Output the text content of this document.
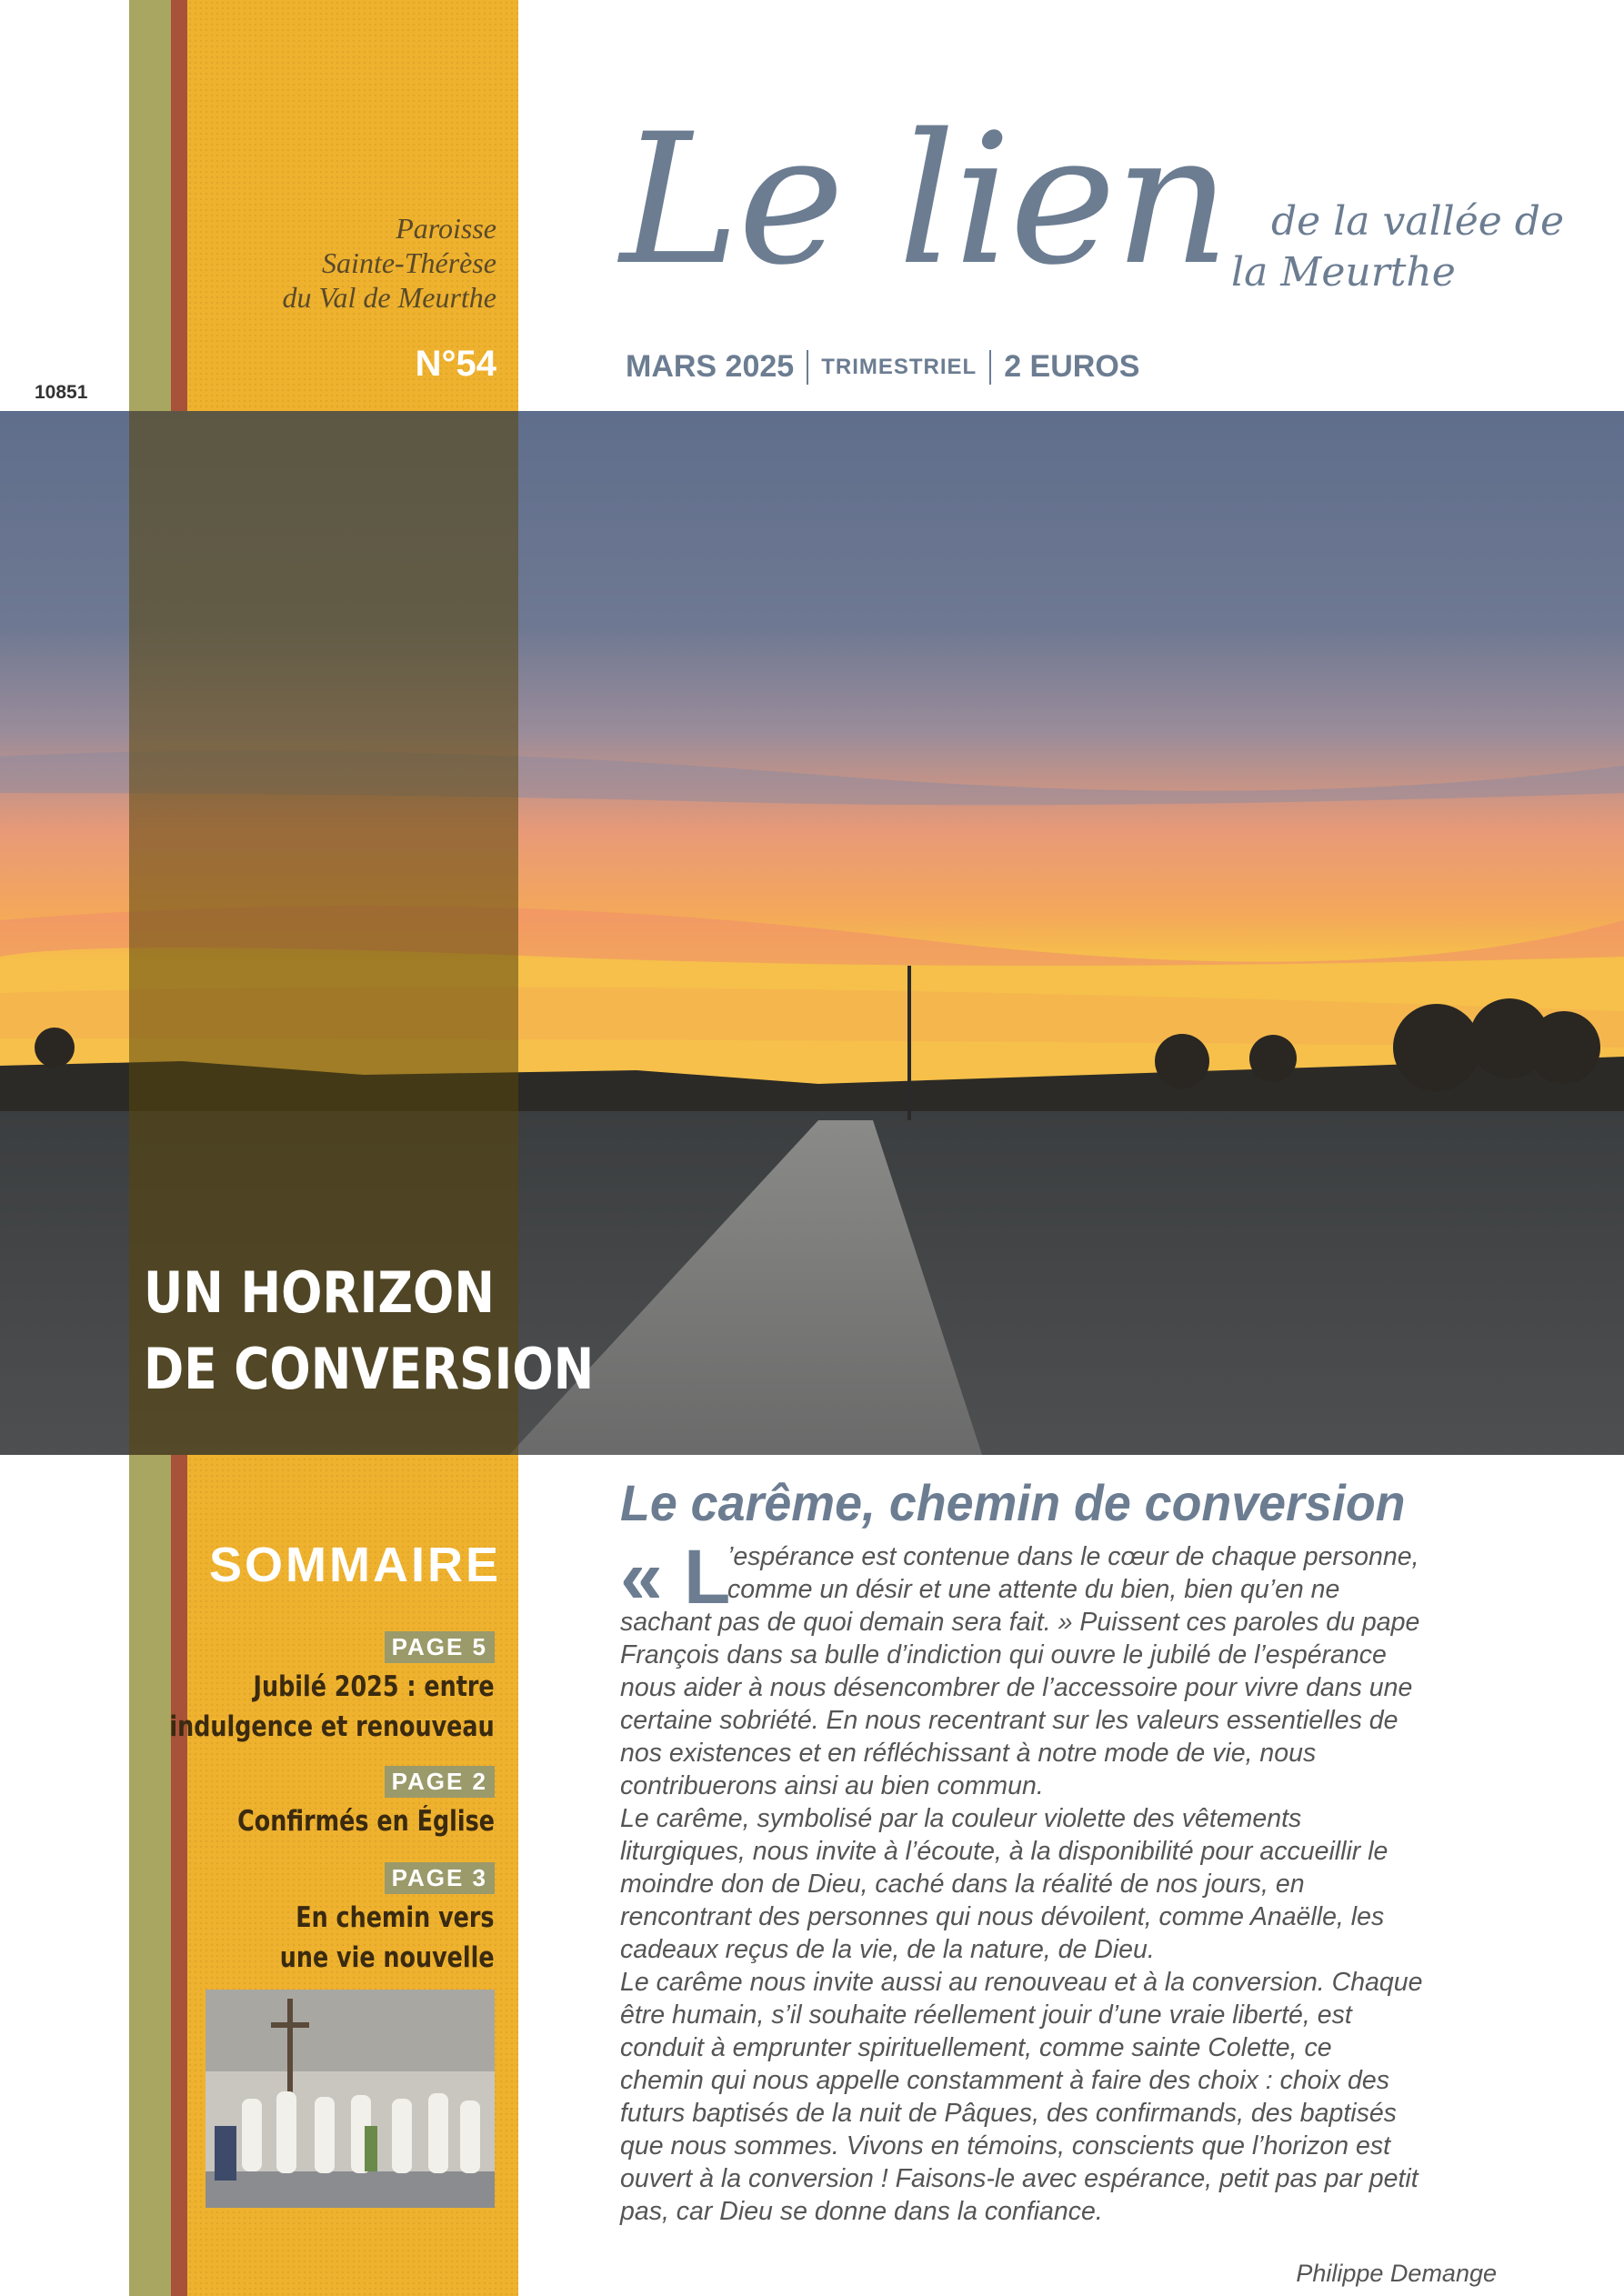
10851
Paroisse
Sainte-Thérèse
du Val de Meurthe
N°54
Le lien	de la vallée de
la Meurthe
MARS 2025 TRIMESTRIEL 2 EUROS
UN HORIZON
DE CONVERSION
SOMMAIRE
PAGE 5
Jubilé 2025 : entre
indulgence et renouveau
PAGE 2
Confirmés en Église
PAGE 3
En chemin vers
une vie nouvelle
Le carême, chemin de conversion
« L
’espérance est contenue dans le cœur de chaque personne,
comme un désir et une attente du bien, bien qu’en ne
sachant pas de quoi demain sera fait. » Puissent ces paroles du pape
François dans sa bulle d’indiction qui ouvre le jubilé de l’espérance
nous aider à nous désencombrer de l’accessoire pour vivre dans une
certaine sobriété. En nous recentrant sur les valeurs essentielles de
nos existences et en réfléchissant à notre mode de vie, nous
contribuerons ainsi au bien commun.
Le carême, symbolisé par la couleur violette des vêtements
liturgiques, nous invite à l’écoute, à la disponibilité pour accueillir le
moindre don de Dieu, caché dans la réalité de nos jours, en
rencontrant des personnes qui nous dévoilent, comme Anaëlle, les
cadeaux reçus de la vie, de la nature, de Dieu.
Le carême nous invite aussi au renouveau et à la conversion. Chaque
être humain, s’il souhaite réellement jouir d’une vraie liberté, est
conduit à emprunter spirituellement, comme sainte Colette, ce
chemin qui nous appelle constamment à faire des choix : choix des
futurs baptisés de la nuit de Pâques, des confirmands, des baptisés
que nous sommes. Vivons en témoins, conscients que l’horizon est
ouvert à la conversion ! Faisons-le avec espérance, petit pas par petit
pas, car Dieu se donne dans la confiance.
Philippe Demange
